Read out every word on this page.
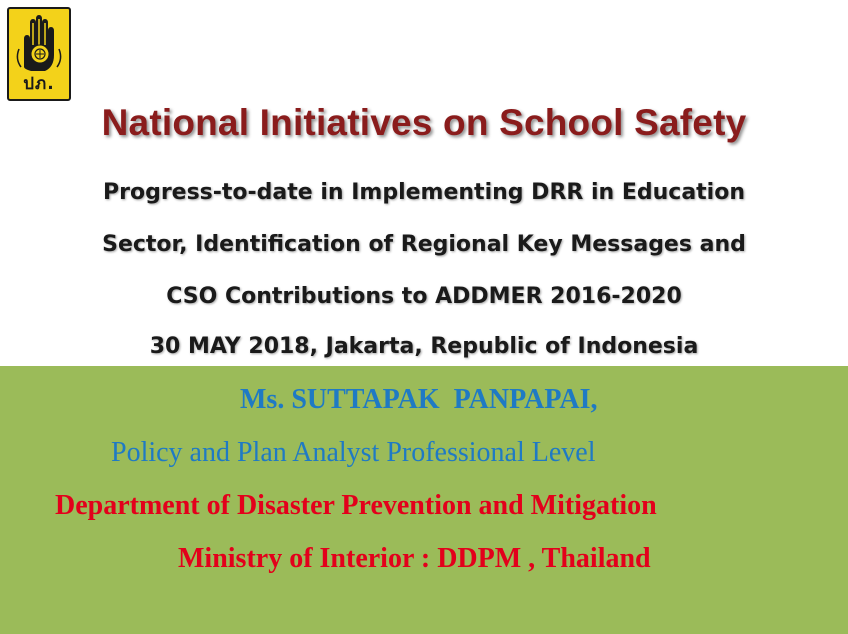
ปภ.
National Initiatives on School Safety
Progress-to-date in Implementing DRR in Education
Sector, Identification of Regional Key Messages and
CSO Contributions to ADDMER 2016-2020
30 MAY 2018, Jakarta, Republic of Indonesia
Ms. SUTTAPAK  PANPAPAI,
Policy and Plan Analyst Professional Level
Department of Disaster Prevention and Mitigation
Ministry of Interior : DDPM , Thailand
